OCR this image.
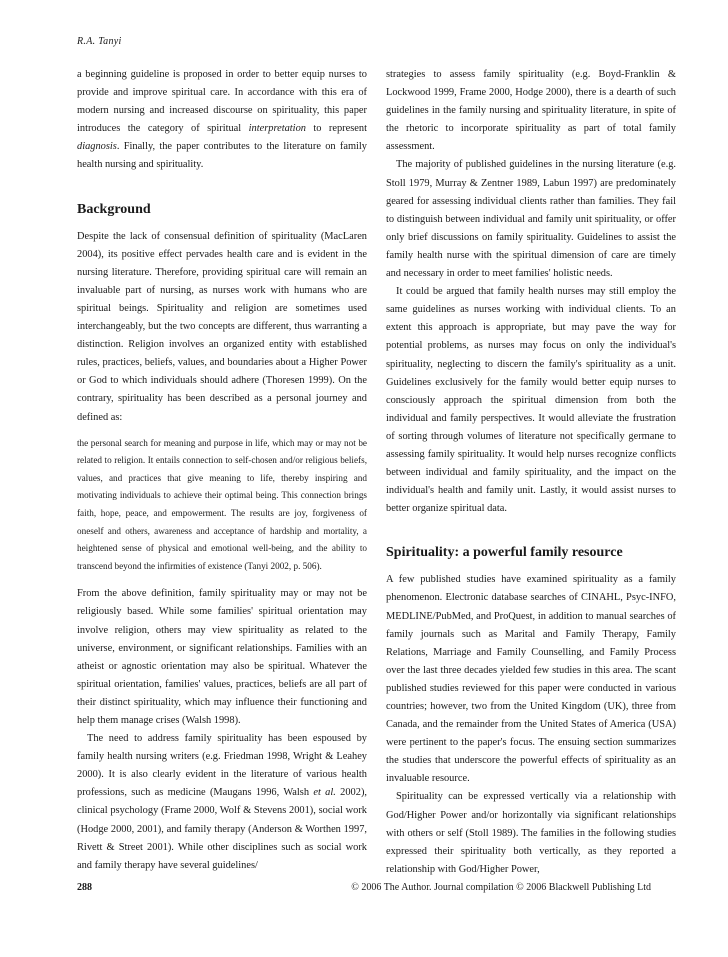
R.A. Tanyi

a beginning guideline is proposed in order to better equip nurses to provide and improve spiritual care. In accordance with this era of modern nursing and increased discourse on spirituality, this paper introduces the category of spiritual interpretation to represent diagnosis. Finally, the paper contributes to the literature on family health nursing and spirituality.

Background

Despite the lack of consensual definition of spirituality (MacLaren 2004), its positive effect pervades health care and is evident in the nursing literature. Therefore, providing spiritual care will remain an invaluable part of nursing, as nurses work with humans who are spiritual beings. Spirituality and religion are sometimes used interchangeably, but the two concepts are different, thus warranting a distinction. Religion involves an organized entity with established rules, practices, beliefs, values, and boundaries about a Higher Power or God to which individuals should adhere (Thoresen 1999). On the contrary, spirituality has been described as a personal journey and defined as:

the personal search for meaning and purpose in life, which may or may not be related to religion. It entails connection to self-chosen and/or religious beliefs, values, and practices that give meaning to life, thereby inspiring and motivating individuals to achieve their optimal being. This connection brings faith, hope, peace, and empowerment. The results are joy, forgiveness of oneself and others, awareness and acceptance of hardship and mortality, a heightened sense of physical and emotional well-being, and the ability to transcend beyond the infirmities of existence (Tanyi 2002, p. 506).

From the above definition, family spirituality may or may not be religiously based. While some families' spiritual orientation may involve religion, others may view spirituality as related to the universe, environment, or significant relationships. Families with an atheist or agnostic orientation may also be spiritual. Whatever the spiritual orientation, families' values, practices, beliefs are all part of their distinct spirituality, which may influence their functioning and help them manage crises (Walsh 1998).

The need to address family spirituality has been espoused by family health nursing writers (e.g. Friedman 1998, Wright & Leahey 2000). It is also clearly evident in the literature of various health professions, such as medicine (Maugans 1996, Walsh et al. 2002), clinical psychology (Frame 2000, Wolf & Stevens 2001), social work (Hodge 2000, 2001), and family therapy (Anderson & Worthen 1997, Rivett & Street 2001). While other disciplines such as social work and family therapy have several guidelines/

strategies to assess family spirituality (e.g. Boyd-Franklin & Lockwood 1999, Frame 2000, Hodge 2000), there is a dearth of such guidelines in the family nursing and spirituality literature, in spite of the rhetoric to incorporate spirituality as part of total family assessment.

The majority of published guidelines in the nursing literature (e.g. Stoll 1979, Murray & Zentner 1989, Labun 1997) are predominately geared for assessing individual clients rather than families. They fail to distinguish between individual and family unit spirituality, or offer only brief discussions on family spirituality. Guidelines to assist the family health nurse with the spiritual dimension of care are timely and necessary in order to meet families' holistic needs.

It could be argued that family health nurses may still employ the same guidelines as nurses working with individual clients. To an extent this approach is appropriate, but may pave the way for potential problems, as nurses may focus on only the individual's spirituality, neglecting to discern the family's spirituality as a unit. Guidelines exclusively for the family would better equip nurses to consciously approach the spiritual dimension from both the individual and family perspectives. It would alleviate the frustration of sorting through volumes of literature not specifically germane to assessing family spirituality. It would help nurses recognize conflicts between individual and family spirituality, and the impact on the individual's health and family unit. Lastly, it would assist nurses to better organize spiritual data.

Spirituality: a powerful family resource

A few published studies have examined spirituality as a family phenomenon. Electronic database searches of CINAHL, Psyc-INFO, MEDLINE/PubMed, and ProQuest, in addition to manual searches of family journals such as Marital and Family Therapy, Family Relations, Marriage and Family Counselling, and Family Process over the last three decades yielded few studies in this area. The scant published studies reviewed for this paper were conducted in various countries; however, two from the United Kingdom (UK), three from Canada, and the remainder from the United States of America (USA) were pertinent to the paper's focus. The ensuing section summarizes the studies that underscore the powerful effects of spirituality as an invaluable resource.

Spirituality can be expressed vertically via a relationship with God/Higher Power and/or horizontally via significant relationships with others or self (Stoll 1989). The families in the following studies expressed their spirituality both vertically, as they reported a relationship with God/Higher Power,

288	© 2006 The Author. Journal compilation © 2006 Blackwell Publishing Ltd
